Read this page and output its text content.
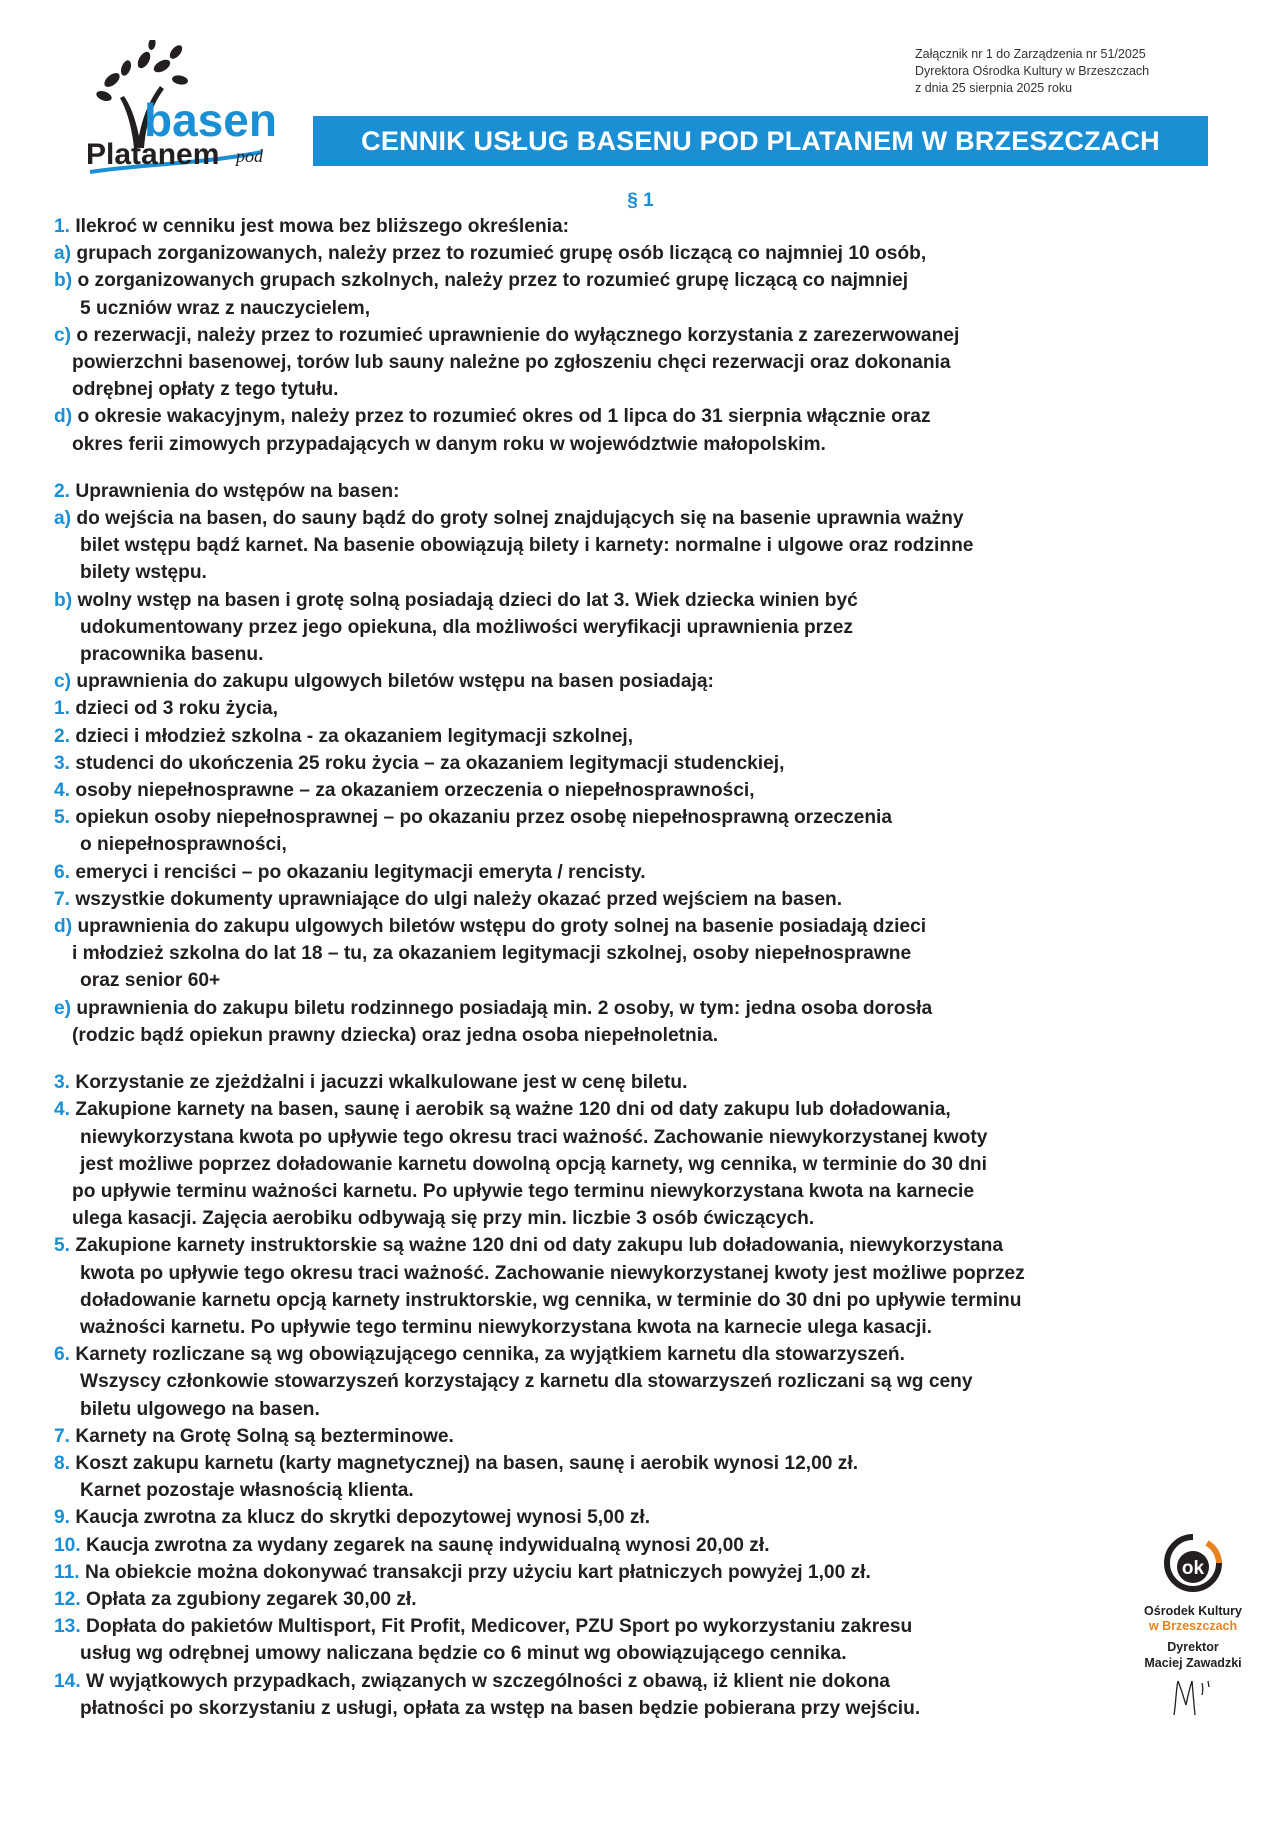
basen
Platanem pod
Załącznik nr 1 do Zarządzenia nr 51/2025
Dyrektora Ośrodka Kultury w Brzeszczach
z dnia 25 sierpnia 2025 roku
CENNIK USŁUG BASENU POD PLATANEM W BRZESZCZACH
§ 1
1. Ilekroć w cenniku jest mowa bez bliższego określenia:
a) grupach zorganizowanych, należy przez to rozumieć grupę osób liczącą co najmniej 10 osób,
b) o zorganizowanych grupach szkolnych, należy przez to rozumieć grupę liczącą co najmniej
5 uczniów wraz z nauczycielem,
c) o rezerwacji, należy przez to rozumieć uprawnienie do wyłącznego korzystania z zarezerwowanej
powierzchni basenowej, torów lub sauny należne po zgłoszeniu chęci rezerwacji oraz dokonania
odrębnej opłaty z tego tytułu.
d) o okresie wakacyjnym, należy przez to rozumieć okres od 1 lipca do 31 sierpnia włącznie oraz
okres ferii zimowych przypadających w danym roku w województwie małopolskim.
2. Uprawnienia do wstępów na basen:
a) do wejścia na basen, do sauny bądź do groty solnej znajdujących się na basenie uprawnia ważny
bilet wstępu bądź karnet. Na basenie obowiązują bilety i karnety: normalne i ulgowe oraz rodzinne
bilety wstępu.
b) wolny wstęp na basen i grotę solną posiadają dzieci do lat 3. Wiek dziecka winien być
udokumentowany przez jego opiekuna, dla możliwości weryfikacji uprawnienia przez
pracownika basenu.
c) uprawnienia do zakupu ulgowych biletów wstępu na basen posiadają:
1. dzieci od 3 roku życia,
2. dzieci i młodzież szkolna - za okazaniem legitymacji szkolnej,
3. studenci do ukończenia 25 roku życia – za okazaniem legitymacji studenckiej,
4. osoby niepełnosprawne – za okazaniem orzeczenia o niepełnosprawności,
5. opiekun osoby niepełnosprawnej – po okazaniu przez osobę niepełnosprawną orzeczenia
o niepełnosprawności,
6. emeryci i renciści – po okazaniu legitymacji emeryta / rencisty.
7. wszystkie dokumenty uprawniające do ulgi należy okazać przed wejściem na basen.
d) uprawnienia do zakupu ulgowych biletów wstępu do groty solnej na basenie posiadają dzieci
i młodzież szkolna do lat 18 – tu, za okazaniem legitymacji szkolnej, osoby niepełnosprawne
oraz senior 60+
e) uprawnienia do zakupu biletu rodzinnego posiadają min. 2 osoby, w tym: jedna osoba dorosła
(rodzic bądź opiekun prawny dziecka) oraz jedna osoba niepełnoletnia.
3. Korzystanie ze zjeżdżalni i jacuzzi wkalkulowane jest w cenę biletu.
4. Zakupione karnety na basen, saunę i aerobik są ważne 120 dni od daty zakupu lub doładowania,
niewykorzystana kwota po upływie tego okresu traci ważność. Zachowanie niewykorzystanej kwoty
jest możliwe poprzez doładowanie karnetu dowolną opcją karnety, wg cennika, w terminie do 30 dni
po upływie terminu ważności karnetu. Po upływie tego terminu niewykorzystana kwota na karnecie
ulega kasacji. Zajęcia aerobiku odbywają się przy min. liczbie 3 osób ćwiczących.
5. Zakupione karnety instruktorskie są ważne 120 dni od daty zakupu lub doładowania, niewykorzystana
kwota po upływie tego okresu traci ważność. Zachowanie niewykorzystanej kwoty jest możliwe poprzez
doładowanie karnetu opcją karnety instruktorskie, wg cennika, w terminie do 30 dni po upływie terminu
ważności karnetu. Po upływie tego terminu niewykorzystana kwota na karnecie ulega kasacji.
6. Karnety rozliczane są wg obowiązującego cennika, za wyjątkiem karnetu dla stowarzyszeń.
Wszyscy członkowie stowarzyszeń korzystający z karnetu dla stowarzyszeń rozliczani są wg ceny
biletu ulgowego na basen.
7. Karnety na Grotę Solną są bezterminowe.
8. Koszt zakupu karnetu (karty magnetycznej) na basen, saunę i aerobik wynosi 12,00 zł.
Karnet pozostaje własnością klienta.
9. Kaucja zwrotna za klucz do skrytki depozytowej wynosi 5,00 zł.
10. Kaucja zwrotna za wydany zegarek na saunę indywidualną wynosi 20,00 zł.
11. Na obiekcie można dokonywać transakcji przy użyciu kart płatniczych powyżej 1,00 zł.
12. Opłata za zgubiony zegarek 30,00 zł.
13. Dopłata do pakietów Multisport, Fit Profit, Medicover, PZU Sport po wykorzystaniu zakresu
usług wg odrębnej umowy naliczana będzie co 6 minut wg obowiązującego cennika.
14. W wyjątkowych przypadkach, związanych w szczególności z obawą, iż klient nie dokona
płatności po skorzystaniu z usługi, opłata za wstęp na basen będzie pobierana przy wejściu.
ok
Ośrodek Kultury
w Brzeszczach
Dyrektor
Maciej Zawadzki
